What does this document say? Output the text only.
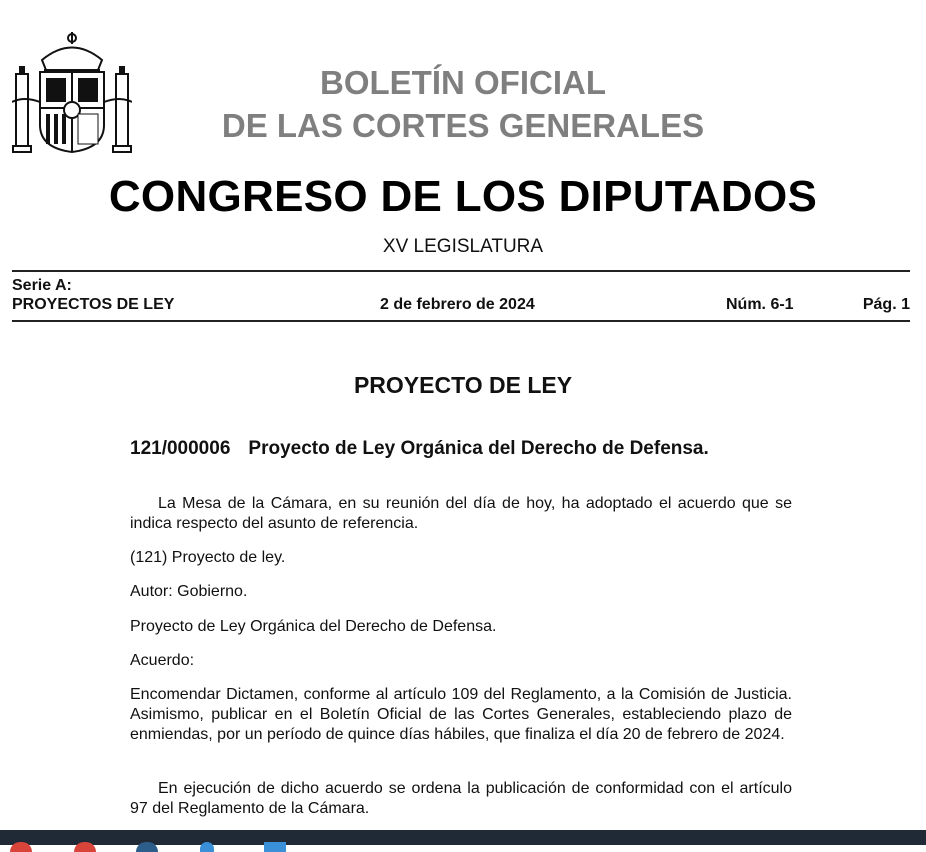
BOLETÍN OFICIAL
DE LAS CORTES GENERALES
CONGRESO DE LOS DIPUTADOS
XV LEGISLATURA
Serie A:
PROYECTOS DE LEY	2 de febrero de 2024	Núm. 6-1	Pág. 1
PROYECTO DE LEY
121/000006 Proyecto de Ley Orgánica del Derecho de Defensa.
La Mesa de la Cámara, en su reunión del día de hoy, ha adoptado el acuerdo que se indica respecto del asunto de referencia.
(121) Proyecto de ley.
Autor: Gobierno.
Proyecto de Ley Orgánica del Derecho de Defensa.
Acuerdo:
Encomendar Dictamen, conforme al artículo 109 del Reglamento, a la Comisión de Justicia. Asimismo, publicar en el Boletín Oficial de las Cortes Generales, estableciendo plazo de enmiendas, por un período de quince días hábiles, que finaliza el día 20 de febrero de 2024.
En ejecución de dicho acuerdo se ordena la publicación de conformidad con el artículo 97 del Reglamento de la Cámara.
